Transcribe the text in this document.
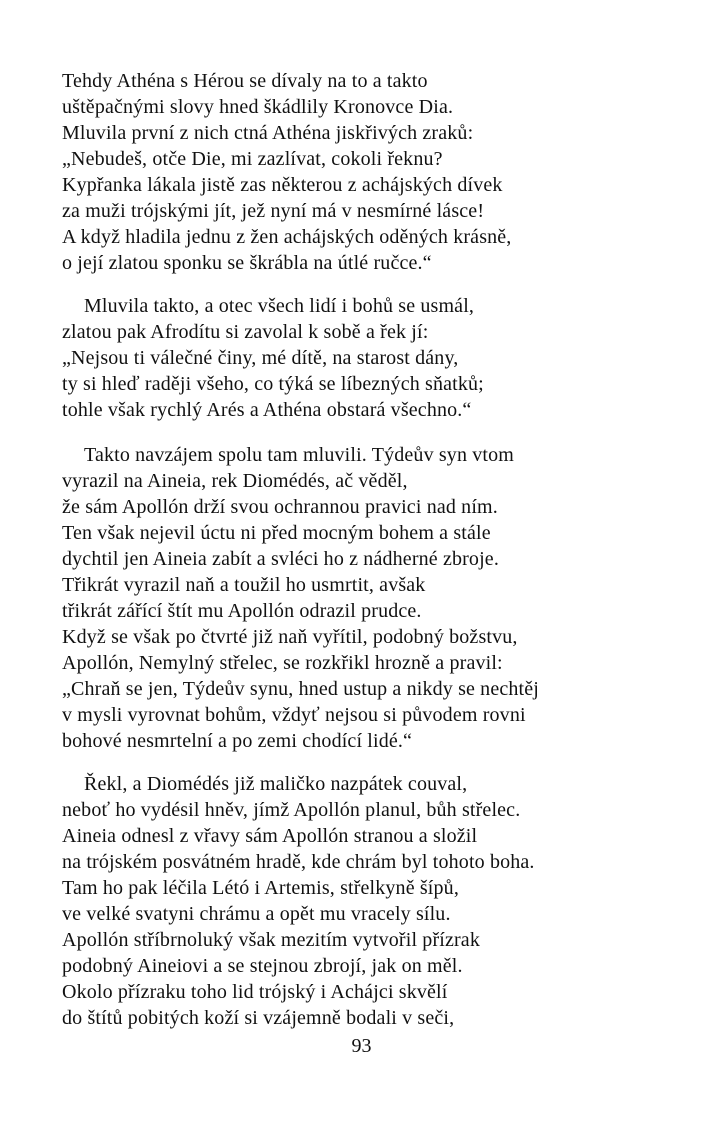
Tehdy Athéna s Hérou se dívaly na to a takto
uštěpačnými slovy hned škádlily Kronovce Dia.
Mluvila první z nich ctná Athéna jiskřivých zraků:
„Nebudeš, otče Die, mi zazlívat, cokoli řeknu?
Kypřanka lákala jistě zas některou z achájských dívek
za muži trójskými jít, jež nyní má v nesmírné lásce!
A když hladila jednu z žen achájských oděných krásně,
o její zlatou sponku se škrábla na útlé ručce.“
Mluvila takto, a otec všech lidí i bohů se usmál,
zlatou pak Afrodítu si zavolal k sobě a řek jí:
„Nejsou ti válečné činy, mé dítě, na starost dány,
ty si hleď raději všeho, co týká se líbezných sňatků;
tohle však rychlý Arés a Athéna obstará všechno.“
Takto navzájem spolu tam mluvili. Týdeův syn vtom
vyrazil na Aineia, rek Diomédés, ač věděl,
že sám Apollón drží svou ochrannou pravici nad ním.
Ten však nejevil úctu ni před mocným bohem a stále
dychtil jen Aineia zabít a svléci ho z nádherné zbroje.
Třikrát vyrazil naň a toužil ho usmrtit, avšak
třikrát zářící štít mu Apollón odrazil prudce.
Když se však po čtvrté již naň vyřítil, podobný božstvu,
Apollón, Nemylný střelec, se rozkřikl hrozně a pravil:
„Chraň se jen, Týdeův synu, hned ustup a nikdy se nechtěj
v mysli vyrovnat bohům, vždyť nejsou si původem rovni
bohové nesmrtelní a po zemi chodící lidé.“
Řekl, a Diomédés již maličko nazpátek couval,
neboť ho vydésil hněv, jímž Apollón planul, bůh střelec.
Aineia odnesl z vřavy sám Apollón stranou a složil
na trójském posvátném hradě, kde chrám byl tohoto boha.
Tam ho pak léčila Létó i Artemis, střelkyně šípů,
ve velké svatyni chrámu a opět mu vracely sílu.
Apollón stříbrnoluký však mezitím vytvořil přízrak
podobný Aineiovi a se stejnou zbrojí, jak on měl.
Okolo přízraku toho lid trójský i Achájci skvělí
do štítů pobitých koží si vzájemně bodali v seči,
93
